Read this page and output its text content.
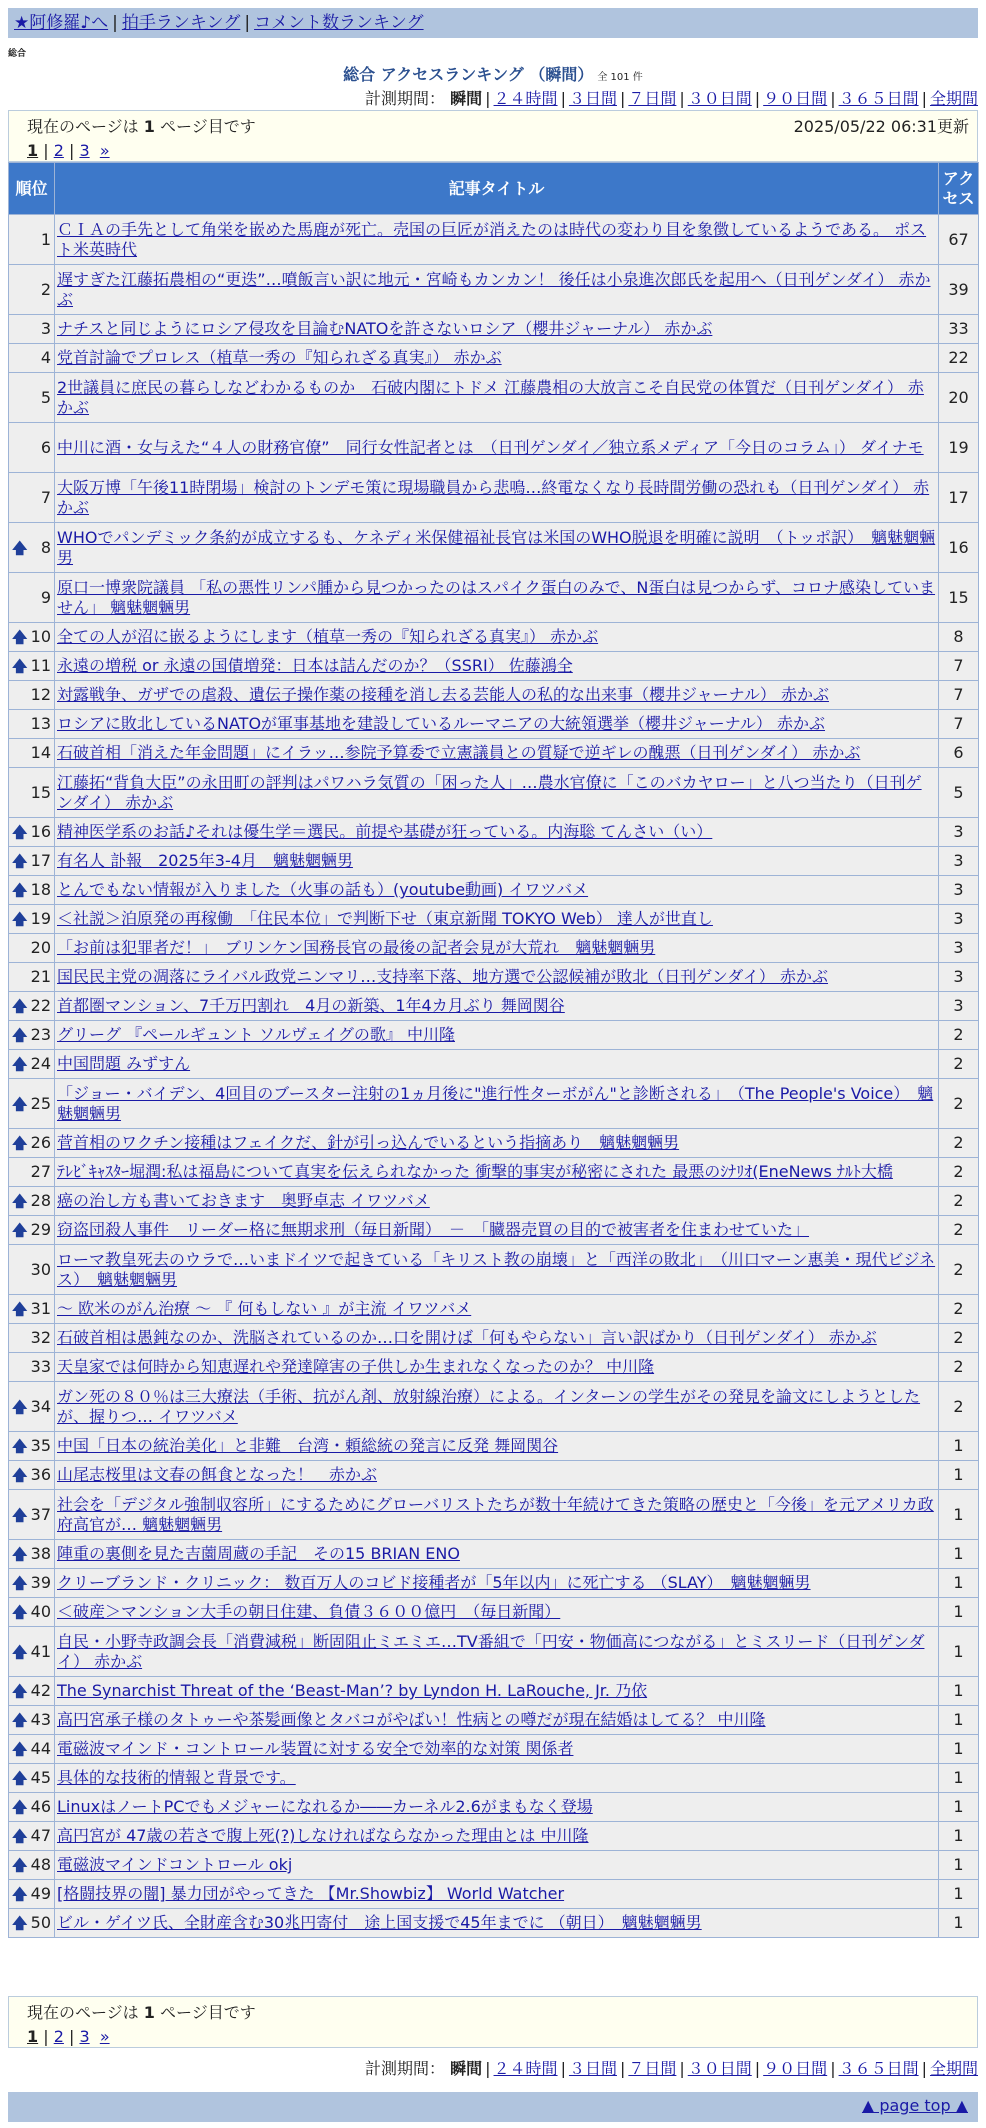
★阿修羅♪へ | 拍手ランキング | コメント数ランキング
総合
総合 アクセスランキング （瞬間） 全 101 件
計測期間： 瞬間 | ２４時間 | ３日間 | ７日間 | ３０日間 | ９０日間 | ３６５日間 | 全期間
現在のページは 1 ページ目です	2025/05/22 06:31更新
1 | 2 | 3 »
順位	記事タイトル	アクセス
1	ＣＩＡの手先として角栄を嵌めた馬鹿が死亡。売国の巨匠が消えたのは時代の変わり目を象徴しているようである。 ポスト米英時代	67
2	遅すぎた江藤拓農相の“更迭”…噴飯言い訳に地元・宮崎もカンカン！ 後任は小泉進次郎氏を起用へ（日刊ゲンダイ） 赤かぶ	39
3	ナチスと同じようにロシア侵攻を目論むNATOを許さないロシア（櫻井ジャーナル） 赤かぶ	33
4	党首討論でプロレス（植草一秀の『知られざる真実』） 赤かぶ	22
5	2世議員に庶民の暮らしなどわかるものか　石破内閣にトドメ 江藤農相の大放言こそ自民党の体質だ（日刊ゲンダイ） 赤かぶ	20
6	中川に酒・女与えた“４人の財務官僚”　同行女性記者とは　（日刊ゲンダイ／独立系メディア「今日のコラム」） ダイナモ	19
7	大阪万博「午後11時閉場」検討のトンデモ策に現場職員から悲鳴…終電なくなり長時間労働の恐れも（日刊ゲンダイ） 赤かぶ	17

🡅 8	WHOでパンデミック条約が成立するも、ケネディ米保健福祉長官は米国のWHO脱退を明確に説明　（トッポ訳）　魑魅魍魎男	16
9	原口一博衆院議員 「私の悪性リンパ腫から見つかったのはスパイク蛋白のみで、N蛋白は見つからず、コロナ感染していません」 魑魅魍魎男	15

🡅 10	全ての人が沼に嵌るようにします（植草一秀の『知られざる真実』） 赤かぶ	8

🡅 11	永遠の増税 or 永遠の国債増発：日本は詰んだのか？（SSRI） 佐藤鴻全	7
12	対露戦争、ガザでの虐殺、遺伝子操作薬の接種を消し去る芸能人の私的な出来事（櫻井ジャーナル） 赤かぶ	7
13	ロシアに敗北しているNATOが軍事基地を建設しているルーマニアの大統領選挙（櫻井ジャーナル） 赤かぶ	7
14	石破首相「消えた年金問題」にイラッ…参院予算委で立憲議員との質疑で逆ギレの醜悪（日刊ゲンダイ） 赤かぶ	6
15	江藤拓“背負大臣”の永田町の評判はパワハラ気質の「困った人」…農水官僚に「このバカヤロー」と八つ当たり（日刊ゲンダイ） 赤かぶ	5

🡅 16	精神医学系のお話♪それは優生学＝選民。前提や基礎が狂っている。内海聡 てんさい（い）	3

🡅 17	有名人 訃報　2025年3-4月　魑魅魍魎男	3

🡅 18	とんでもない情報が入りました（火事の話も）(youtube動画) イワツバメ	3

🡅 19	＜社説＞泊原発の再稼働　「住民本位」で判断下せ（東京新聞 TOKYO Web） 達人が世直し	3
20	「お前は犯罪者だ！」　ブリンケン国務長官の最後の記者会見が大荒れ　魑魅魍魎男	3
21	国民民主党の凋落にライバル政党ニンマリ…支持率下落、地方選で公認候補が敗北（日刊ゲンダイ） 赤かぶ	3

🡅 22	首都圏マンション、7千万円割れ　4月の新築、1年4カ月ぶり 舞岡関谷	3

🡅 23	グリーグ 『ペールギュント ソルヴェイグの歌』 中川隆	2

🡅 24	中国問題 みずすん	2

🡅 25	「ジョー・バイデン、4回目のブースター注射の1ヵ月後に"進行性ターボがん"と診断される」　（The People's Voice）　魑魅魍魎男	2

🡅 26	菅首相のワクチン接種はフェイクだ、針が引っ込んでいるという指摘あり　魑魅魍魎男	2
27	ﾃﾚﾋﾞｷｬｽﾀｰ堀潤:私は福島について真実を伝えられなかった 衝撃的事実が秘密にされた 最悪のｼﾅﾘｵ(EneNews ﾅﾙﾄ大橋	2

🡅 28	癌の治し方も書いておきます　奥野卓志 イワツバメ	2

🡅 29	窃盗団殺人事件　リーダー格に無期求刑（毎日新聞）　－　「臓器売買の目的で被害者を住まわせていた」	2
30	ローマ教皇死去のウラで…いまドイツで起きている「キリスト教の崩壊」と「西洋の敗北」　（川口マーン惠美・現代ビジネス）　魑魅魍魎男	2

🡅 31	～ 欧米のがん治療 ～ 『 何もしない 』が主流 イワツバメ	2
32	石破首相は愚鈍なのか、洗脳されているのか…口を開けば「何もやらない」言い訳ばかり（日刊ゲンダイ） 赤かぶ	2
33	天皇家では何時から知恵遅れや発達障害の子供しか生まれなくなったのか？ 中川隆	2

🡅 34	ガン死の８０％は三大療法（手術、抗がん剤、放射線治療）による。インターンの学生がその発見を論文にしようとしたが、握りつ… イワツバメ	2

🡅 35	中国「日本の統治美化」と非難　台湾・頼総統の発言に反発 舞岡関谷	1

🡅 36	山尾志桜里は文春の餌食となった！　赤かぶ	1

🡅 37	社会を「デジタル強制収容所」にするためにグローバリストたちが数十年続けてきた策略の歴史と「今後」を元アメリカ政府高官が… 魑魅魍魎男	1

🡅 38	陣重の裏側を見た吉薗周蔵の手記　その15 BRIAN ENO	1

🡅 39	クリーブランド・クリニック： 数百万人のコビド接種者が「5年以内」に死亡する （SLAY）　魑魅魍魎男	1

🡅 40	＜破産＞マンション大手の朝日住建、負債３６００億円　（毎日新聞）	1

🡅 41	自民・小野寺政調会長「消費減税」断固阻止ミエミエ…TV番組で「円安・物価高につながる」とミスリード（日刊ゲンダイ） 赤かぶ	1

🡅 42	The Synarchist Threat of the ‘Beast-Man’? by Lyndon H. LaRouche, Jr. 乃依	1

🡅 43	高円宮承子様のタトゥーや茶髪画像とタバコがやばい！性病との噂だが現在結婚はしてる？ 中川隆	1

🡅 44	電磁波マインド・コントロール装置に対する安全で効率的な対策 関係者	1

🡅 45	具体的な技術的情報と背景です。	1

🡅 46	LinuxはノートPCでもメジャーになれるか――カーネル2.6がまもなく登場	1

🡅 47	高円宮が 47歳の若さで腹上死(?)しなければならなかった理由とは 中川隆	1

🡅 48	電磁波マインドコントロール okj	1

🡅 49	[格闘技界の闇] 暴力団がやってきた 【Mr.Showbiz】 World Watcher	1

🡅 50	ビル・ゲイツ氏、全財産含む30兆円寄付　途上国支援で45年までに （朝日）　魑魅魍魎男	1
現在のページは 1 ページ目です
1 | 2 | 3 »
計測期間： 瞬間 | ２４時間 | ３日間 | ７日間 | ３０日間 | ９０日間 | ３６５日間 | 全期間
▲ page top ▲
